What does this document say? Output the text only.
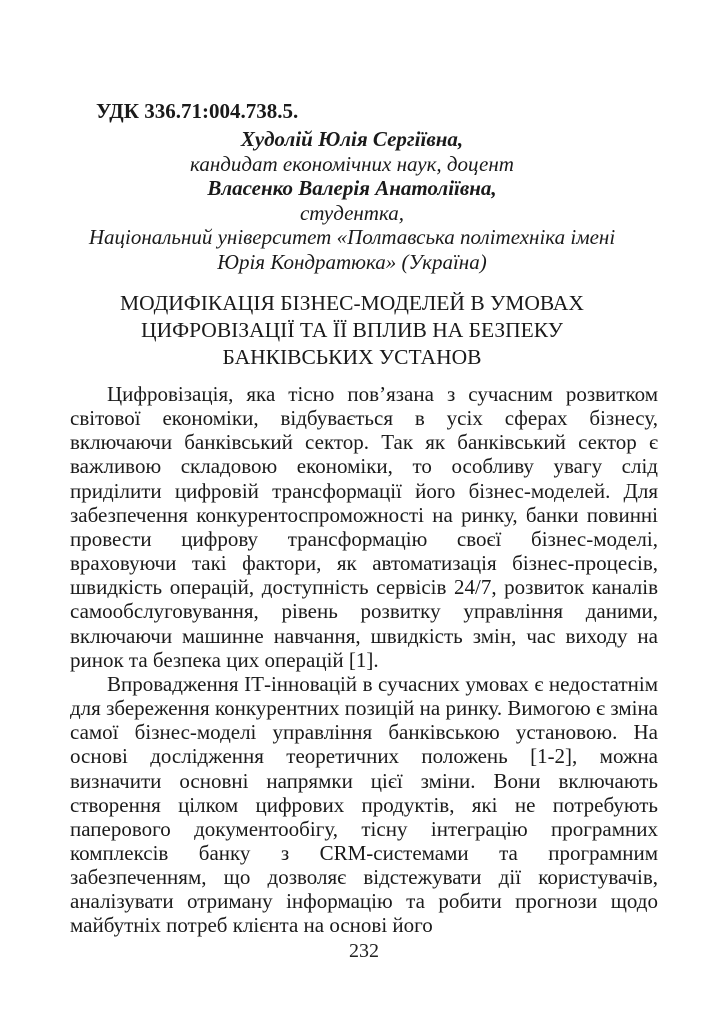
УДК 336.71:004.738.5.
Худолій Юлія Сергіївна,
кандидат економічних наук, доцент
Власенко Валерія Анатоліївна,
студентка,
Національний університет «Полтавська політехніка імені
Юрія Кондратюка» (Україна)
МОДИФІКАЦІЯ БІЗНЕС-МОДЕЛЕЙ В УМОВАХ
ЦИФРОВІЗАЦІЇ ТА ЇЇ ВПЛИВ НА БЕЗПЕКУ
БАНКІВСЬКИХ УСТАНОВ

Цифровізація, яка тісно пов’язана з сучасним розвитком світової економіки, відбувається в усіх сферах бізнесу, включаючи банківський сектор. Так як банківський сектор є важливою складовою економіки, то особливу увагу слід приділити цифровій трансформації його бізнес-моделей. Для забезпечення конкурентоспроможності на ринку, банки повинні провести цифрову трансформацію своєї бізнес-моделі, враховуючи такі фактори, як автоматизація бізнес-процесів, швидкість операцій, доступність сервісів 24/7, розвиток каналів самообслуговування, рівень розвитку управління даними, включаючи машинне навчання, швидкість змін, час виходу на ринок та безпека цих операцій [1].

Впровадження ІТ-інновацій в сучасних умовах є недостатнім для збереження конкурентних позицій на ринку. Вимогою є зміна самої бізнес-моделі управління банківською установою. На основі дослідження теоретичних положень [1-2], можна визначити основні напрямки цієї зміни. Вони включають створення цілком цифрових продуктів, які не потребують паперового документообігу, тісну інтеграцію програмних комплексів банку з CRM-системами та програмним забезпеченням, що дозволяє відстежувати дії користувачів, аналізувати отриману інформацію та робити прогнози щодо майбутніх потреб клієнта на основі його

232
